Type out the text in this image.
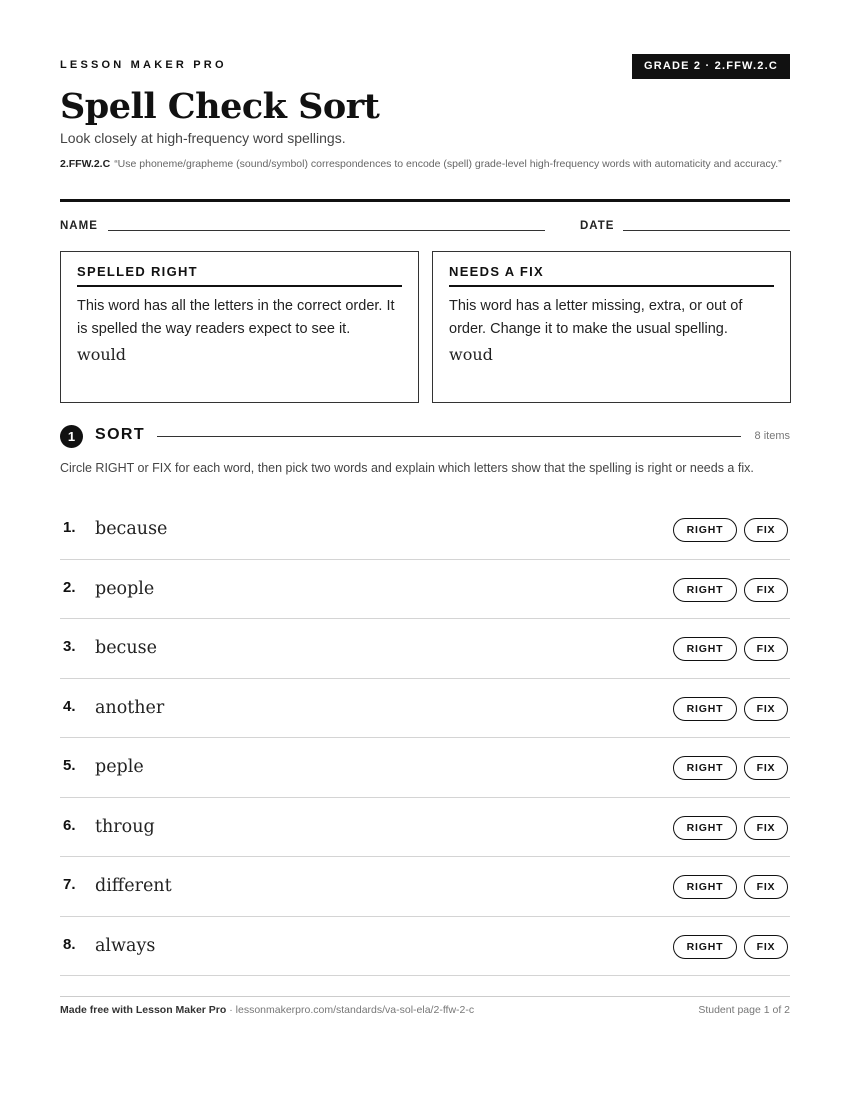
LESSON MAKER PRO	GRADE 2 · 2.FFW.2.C
Spell Check Sort
Look closely at high-frequency word spellings.
2.FFW.2.C “Use phoneme/grapheme (sound/symbol) correspondences to encode (spell) grade-level high-frequency words with automaticity and accuracy.”
NAME	DATE
SPELLED RIGHT
This word has all the letters in the correct order. It is spelled the way readers expect to see it.
would
NEEDS A FIX
This word has a letter missing, extra, or out of order. Change it to make the usual spelling.
woud
1	SORT	8 items
Circle RIGHT or FIX for each word, then pick two words and explain which letters show that the spelling is right or needs a fix.
1. because	RIGHT	FIX
2. people	RIGHT	FIX
3. becuse	RIGHT	FIX
4. another	RIGHT	FIX
5. peple	RIGHT	FIX
6. throug	RIGHT	FIX
7. different	RIGHT	FIX
8. always	RIGHT	FIX
Made free with Lesson Maker Pro · lessonmakerpro.com/standards/va-sol-ela/2-ffw-2-c	Student page 1 of 2
